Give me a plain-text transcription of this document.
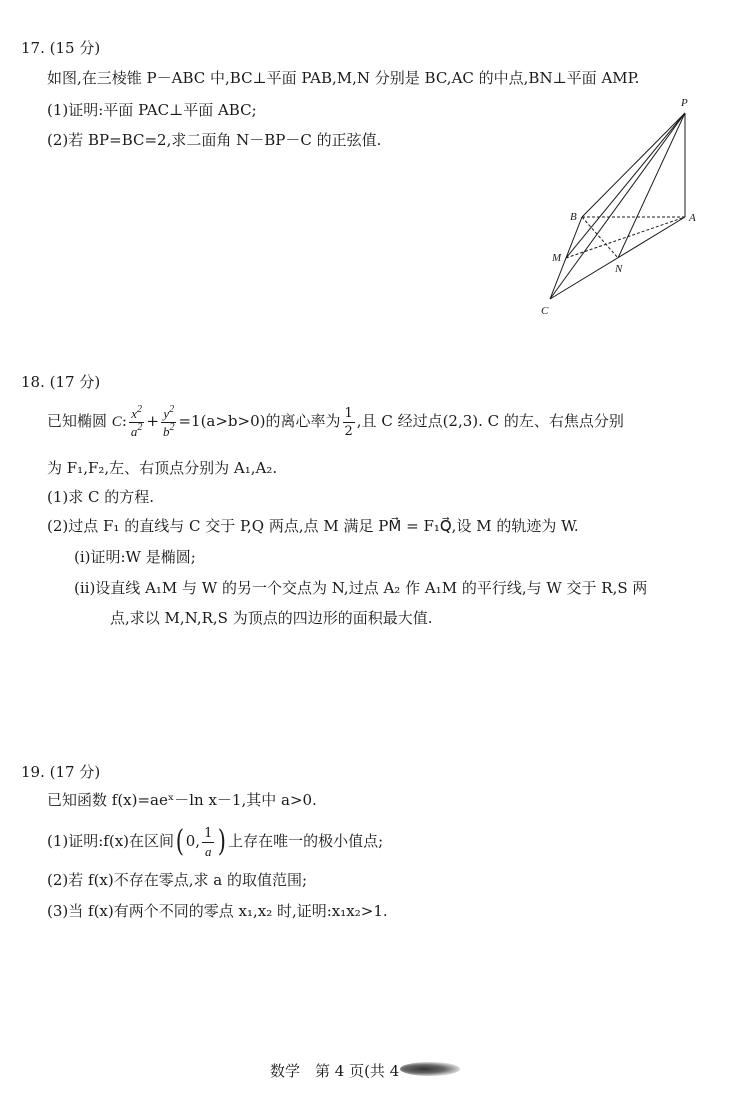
17. (15 分)
如图,在三棱锥 P－ABC 中,BC⊥平面 PAB,M,N 分别是 BC,AC 的中点,BN⊥平面 AMP.
(1)证明:平面 PAC⊥平面 ABC;
(2)若 BP=BC=2,求二面角 N－BP－C 的正弦值.
P
A
B
M
N
C
18. (17 分)
已知椭圆 C: $\frac{x^2}{a^2} + \frac{y^2}{b^2} =1(a>b>0)$的离心率为 $\frac{1}{2}$ ,且 C 经过点(2,3). C 的左、右焦点分别
为 F₁,F₂,左、右顶点分别为 A₁,A₂.
(1)求 C 的方程.
(2)过点 F₁ 的直线与 C 交于 P,Q 两点,点 M 满足 PM⃗ = F₁Q⃗,设 M 的轨迹为 W.
(ⅰ)证明:W 是椭圆;
(ⅱ)设直线 A₁M 与 W 的另一个交点为 N,过点 A₂ 作 A₁M 的平行线,与 W 交于 R,S 两
点,求以 M,N,R,S 为顶点的四边形的面积最大值.
19. (17 分)
已知函数 f(x)=aeˣ－ln x－1,其中 a>0.
(1)证明:f(x)在区间( 0, $\frac{1}{a}$ ) 上存在唯一的极小值点;
(2)若 f(x)不存在零点,求 a 的取值范围;
(3)当 f(x)有两个不同的零点 x₁,x₂ 时,证明:x₁x₂>1.
数学　第 4 页(共 4
